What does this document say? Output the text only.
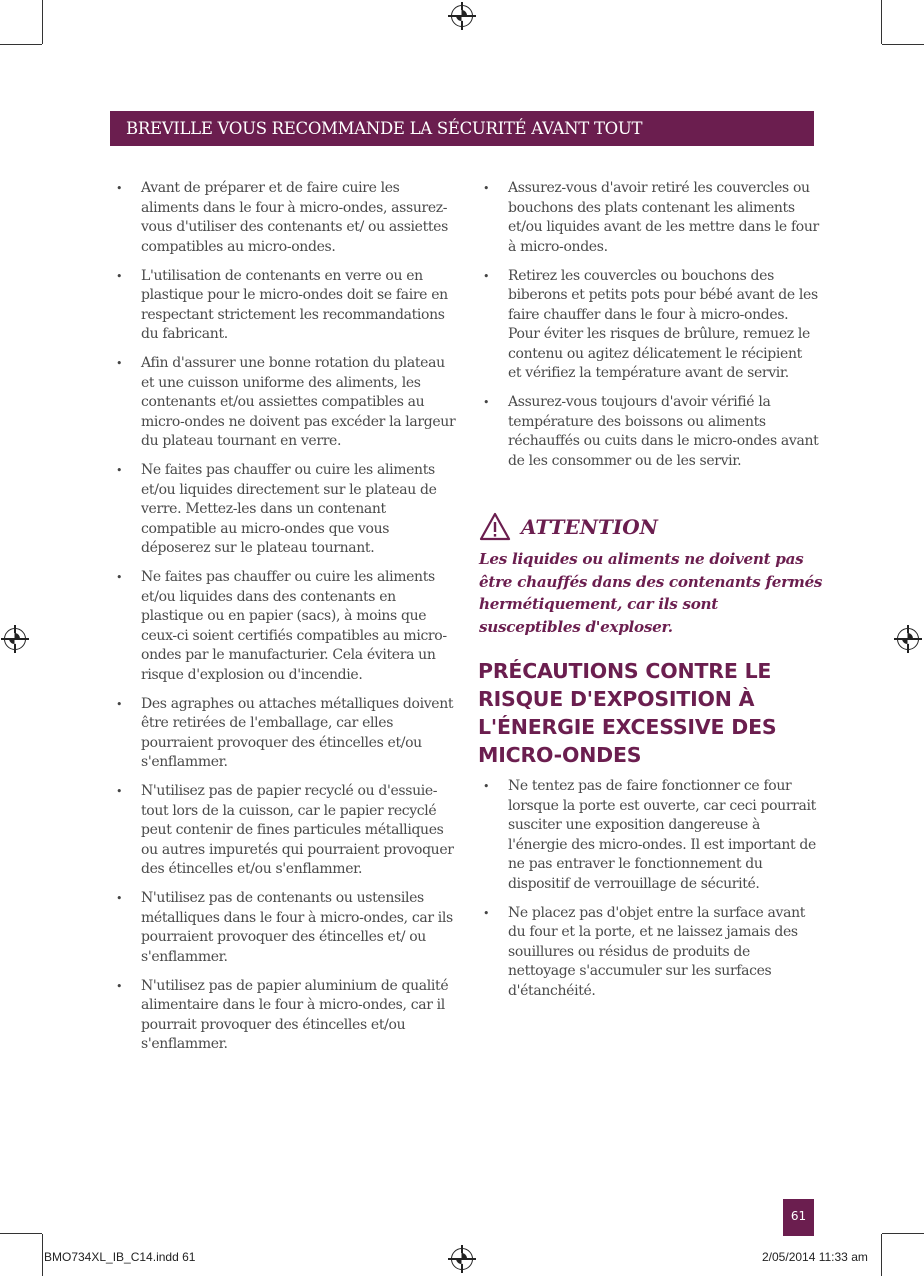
BREVILLE VOUS RECOMMANDE LA SÉCURITÉ AVANT TOUT
• Avant de préparer et de faire cuire les aliments dans le four à micro-ondes, assurez-vous d'utiliser des contenants et/ ou assiettes compatibles au micro-ondes.
• L'utilisation de contenants en verre ou en plastique pour le micro-ondes doit se faire en respectant strictement les recommandations du fabricant.
• Afin d'assurer une bonne rotation du plateau et une cuisson uniforme des aliments, les contenants et/ou assiettes compatibles au micro-ondes ne doivent pas excéder la largeur du plateau tournant en verre.
• Ne faites pas chauffer ou cuire les aliments et/ou liquides directement sur le plateau de verre. Mettez-les dans un contenant compatible au micro-ondes que vous déposerez sur le plateau tournant.
• Ne faites pas chauffer ou cuire les aliments et/ou liquides dans des contenants en plastique ou en papier (sacs), à moins que ceux-ci soient certifiés compatibles au micro-ondes par le manufacturier. Cela évitera un risque d'explosion ou d'incendie.
• Des agraphes ou attaches métalliques doivent être retirées de l'emballage, car elles pourraient provoquer des étincelles et/ou s'enflammer.
• N'utilisez pas de papier recyclé ou d'essuie-tout lors de la cuisson, car le papier recyclé peut contenir de fines particules métalliques ou autres impuretés qui pourraient provoquer des étincelles et/ou s'enflammer.
• N'utilisez pas de contenants ou ustensiles métalliques dans le four à micro-ondes, car ils pourraient provoquer des étincelles et/ ou s'enflammer.
• N'utilisez pas de papier aluminium de qualité alimentaire dans le four à micro-ondes, car il pourrait provoquer des étincelles et/ou s'enflammer.
• Assurez-vous d'avoir retiré les couvercles ou bouchons des plats contenant les aliments et/ou liquides avant de les mettre dans le four à micro-ondes.
• Retirez les couvercles ou bouchons des biberons et petits pots pour bébé avant de les faire chauffer dans le four à micro-ondes. Pour éviter les risques de brûlure, remuez le contenu ou agitez délicatement le récipient et vérifiez la température avant de servir.
• Assurez-vous toujours d'avoir vérifié la température des boissons ou aliments réchauffés ou cuits dans le micro-ondes avant de les consommer ou de les servir.
ATTENTION
Les liquides ou aliments ne doivent pas être chauffés dans des contenants fermés hermétiquement, car ils sont susceptibles d'exploser.
PRÉCAUTIONS CONTRE LE
RISQUE D'EXPOSITION À
L'ÉNERGIE EXCESSIVE DES
MICRO-ONDES
• Ne tentez pas de faire fonctionner ce four lorsque la porte est ouverte, car ceci pourrait susciter une exposition dangereuse à l'énergie des micro-ondes. Il est important de ne pas entraver le fonctionnement du dispositif de verrouillage de sécurité.
• Ne placez pas d'objet entre la surface avant du four et la porte, et ne laissez jamais des souillures ou résidus de produits de nettoyage s'accumuler sur les surfaces d'étanchéité.
61
BMO734XL_IB_C14.indd 61	2/05/2014 11:33 am
